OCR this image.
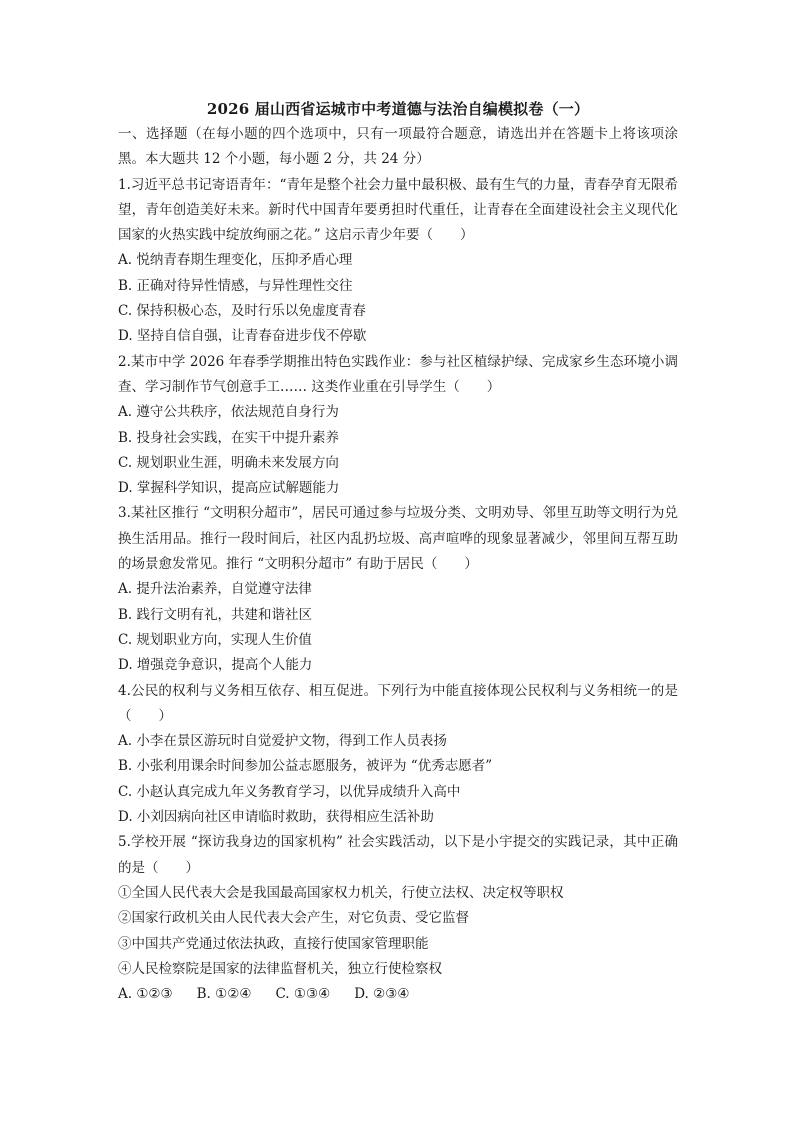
2026 届山西省运城市中考道德与法治自编模拟卷（一）

一、选择题（在每小题的四个选项中，只有一项最符合题意，请选出并在答题卡上将该项涂黑。本大题共 12 个小题，每小题 2 分，共 24 分）

1.习近平总书记寄语青年：“青年是整个社会力量中最积极、最有生气的力量，青春孕育无限希望，青年创造美好未来。新时代中国青年要勇担时代重任，让青春在全面建设社会主义现代化国家的火热实践中绽放绚丽之花。” 这启示青少年要（　　）

A. 悦纳青春期生理变化，压抑矛盾心理

B. 正确对待异性情感，与异性理性交往

C. 保持积极心态，及时行乐以免虚度青春

D. 坚持自信自强，让青春奋进步伐不停歇

2.某市中学 2026 年春季学期推出特色实践作业：参与社区植绿护绿、完成家乡生态环境小调查、学习制作节气创意手工…… 这类作业重在引导学生（　　）

A. 遵守公共秩序，依法规范自身行为

B. 投身社会实践，在实干中提升素养

C. 规划职业生涯，明确未来发展方向

D. 掌握科学知识，提高应试解题能力

3.某社区推行 “文明积分超市”，居民可通过参与垃圾分类、文明劝导、邻里互助等文明行为兑换生活用品。推行一段时间后，社区内乱扔垃圾、高声喧哗的现象显著减少，邻里间互帮互助的场景愈发常见。推行 “文明积分超市” 有助于居民（　　）

A. 提升法治素养，自觉遵守法律

B. 践行文明有礼，共建和谐社区

C. 规划职业方向，实现人生价值

D. 增强竞争意识，提高个人能力

4.公民的权利与义务相互依存、相互促进。下列行为中能直接体现公民权利与义务相统一的是（　　）

A. 小李在景区游玩时自觉爱护文物，得到工作人员表扬

B. 小张利用课余时间参加公益志愿服务，被评为 “优秀志愿者”

C. 小赵认真完成九年义务教育学习，以优异成绩升入高中

D. 小刘因病向社区申请临时救助，获得相应生活补助

5.学校开展 “探访我身边的国家机构” 社会实践活动，以下是小宇提交的实践记录，其中正确的是（　　）

①全国人民代表大会是我国最高国家权力机关，行使立法权、决定权等职权

②国家行政机关由人民代表大会产生，对它负责、受它监督

③中国共产党通过依法执政，直接行使国家管理职能

④人民检察院是国家的法律监督机关，独立行使检察权

A. ①②③ B. ①②④ C. ①③④ D. ②③④
